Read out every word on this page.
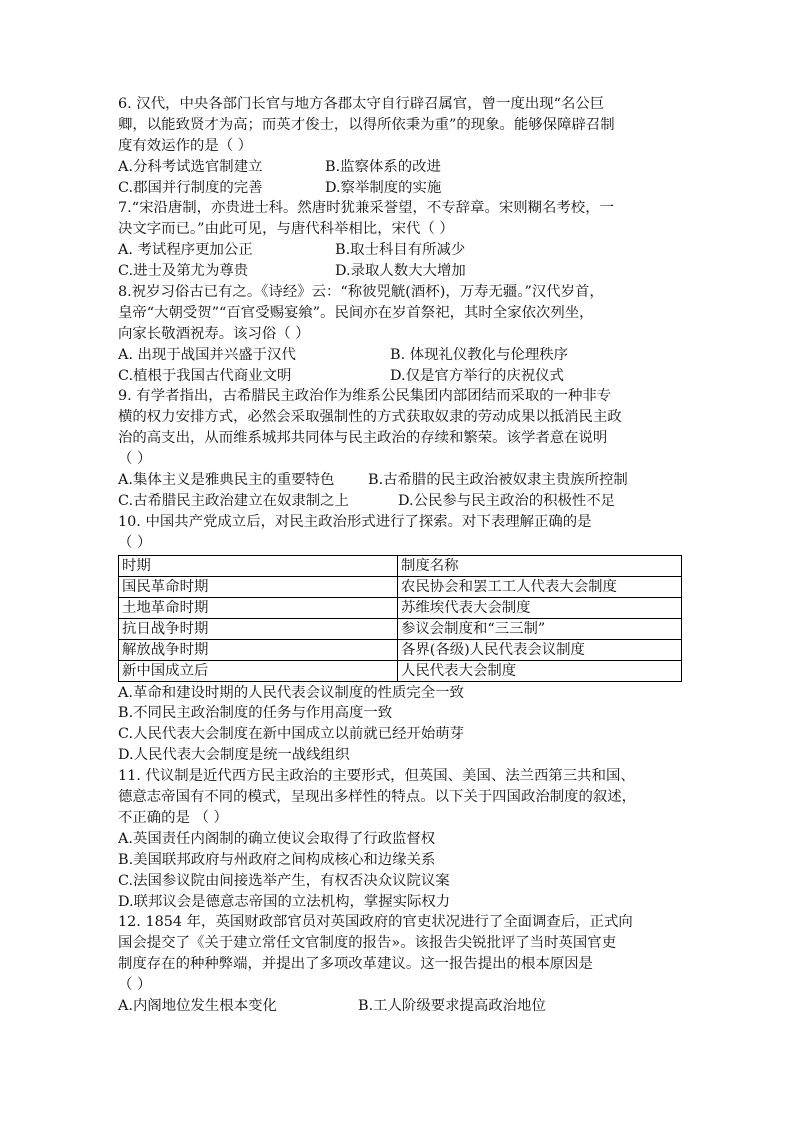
6. 汉代，中央各部门长官与地方各郡太守自行辟召属官，曾一度出现“名公巨
卿，以能致贤才为高；而英才俊士，以得所依秉为重”的现象。能够保障辟召制
度有效运作的是（ ）
A.分科考试选官制建立	B.监察体系的改进
C.郡国并行制度的完善	D.察举制度的实施
7.“宋沿唐制，亦贵进士科。然唐时犹兼采誉望，不专辞章。宋则糊名考校，一
决文字而已。”由此可见，与唐代科举相比，宋代（ ）
A. 考试程序更加公正	B.取士科目有所减少
C.进士及第尤为尊贵	D.录取人数大大增加
8.祝岁习俗古已有之。《诗经》云：“称彼兕觥(酒杯)，万寿无疆。”汉代岁首，
皇帝“大朝受贺”“百官受赐宴飨”。民间亦在岁首祭祀，其时全家依次列坐，
向家长敬酒祝寿。该习俗（ ）
A. 出现于战国并兴盛于汉代	B. 体现礼仪教化与伦理秩序
C.植根于我国古代商业文明	D.仅是官方举行的庆祝仪式
9. 有学者指出，古希腊民主政治作为维系公民集团内部团结而采取的一种非专
横的权力安排方式，必然会采取强制性的方式获取奴隶的劳动成果以抵消民主政
治的高支出，从而维系城邦共同体与民主政治的存续和繁荣。该学者意在说明
（ ）
A.集体主义是雅典民主的重要特色	B.古希腊的民主政治被奴隶主贵族所控制
C.古希腊民主政治建立在奴隶制之上	D.公民参与民主政治的积极性不足
10. 中国共产党成立后，对民主政治形式进行了探索。对下表理解正确的是
（ ）
时期	制度名称
国民革命时期	农民协会和罢工工人代表大会制度
土地革命时期	苏维埃代表大会制度
抗日战争时期	参议会制度和“三三制”
解放战争时期	各界(各级)人民代表会议制度
新中国成立后	人民代表大会制度
A.革命和建设时期的人民代表会议制度的性质完全一致
B.不同民主政治制度的任务与作用高度一致
C.人民代表大会制度在新中国成立以前就已经开始萌芽
D.人民代表大会制度是统一战线组织
11. 代议制是近代西方民主政治的主要形式，但英国、美国、法兰西第三共和国、
德意志帝国有不同的模式，呈现出多样性的特点。以下关于四国政治制度的叙述，
不正确的是 （ ）
A.英国责任内阁制的确立使议会取得了行政监督权
B.美国联邦政府与州政府之间构成核心和边缘关系
C.法国参议院由间接选举产生，有权否决众议院议案
D.联邦议会是德意志帝国的立法机构，掌握实际权力
12. 1854 年，英国财政部官员对英国政府的官吏状况进行了全面调查后，正式向
国会提交了《关于建立常任文官制度的报告»。该报告尖锐批评了当时英国官吏
制度存在的种种弊端，并提出了多项改革建议。这一报告提出的根本原因是
（ ）
A.内阁地位发生根本变化	B.工人阶级要求提高政治地位
